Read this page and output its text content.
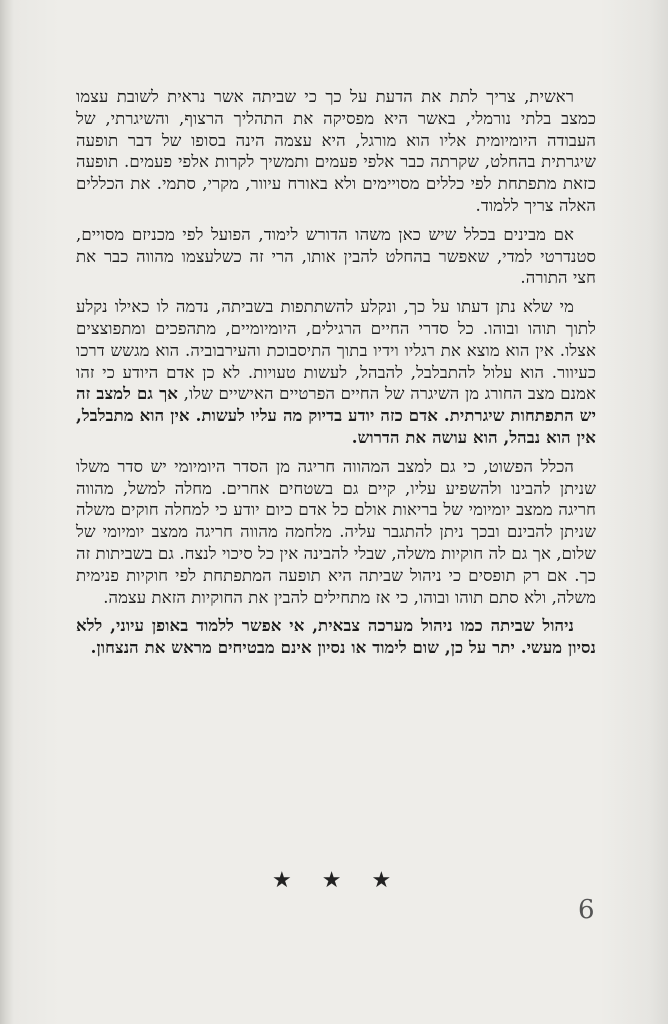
ראשית, צריך לתת את הדעת על כך כי שביתה אשר נראית לשובת עצמו כמצב בלתי נורמלי, באשר היא מפסיקה את התהליך הרצוף, והשיגרתי, של העבודה היומיומית אליו הוא מורגל, היא עצמה הינה בסופו של דבר תופעה שיגרתית בהחלט, שקרתה כבר אלפי פעמים ותמשיך לקרות אלפי פעמים. תופעה כזאת מתפתחת לפי כללים מסויימים ולא באורח עיוור, מקרי, סתמי. את הכללים האלה צריך ללמוד.

אם מבינים בכלל שיש כאן משהו הדורש לימוד, הפועל לפי מכניזם מסויים, סטנדרטי למדי, שאפשר בהחלט להבין אותו, הרי זה כשלעצמו מהווה כבר את חצי התורה.

מי שלא נתן דעתו על כך, ונקלע להשתתפות בשביתה, נדמה לו כאילו נקלע לתוך תוהו ובוהו. כל סדרי החיים הרגילים, היומיומיים, מתהפכים ומתפוצצים אצלו. אין הוא מוצא את רגליו וידיו בתוך התיסבוכת והעירבוביה. הוא מגשש דרכו כעיוור. הוא עלול להתבלבל, להבהל, לעשות טעויות. לא כן אדם היודע כי זהו אמנם מצב החורג מן השיגרה של החיים הפרטיים האישיים שלו, אך גם למצב זה יש התפתחות שיגרתית. אדם כזה יודע בדיוק מה עליו לעשות. אין הוא מתבלבל, אין הוא נבהל, הוא עושה את הדרוש.

הכלל הפשוט, כי גם למצב המהווה חריגה מן הסדר היומיומי יש סדר משלו שניתן להבינו ולהשפיע עליו, קיים גם בשטחים אחרים. מחלה למשל, מהווה חריגה ממצב יומיומי של בריאות אולם כל אדם כיום יודע כי למחלה חוקים משלה שניתן להבינם ובכך ניתן להתגבר עליה. מלחמה מהווה חריגה ממצב יומיומי של שלום, אך גם לה חוקיות משלה, שבלי להבינה אין כל סיכוי לנצח. גם בשביתות זה כך. אם רק תופסים כי ניהול שביתה היא תופעה המתפתחת לפי חוקיות פנימית משלה, ולא סתם תוהו ובוהו, כי אז מתחילים להבין את החוקיות הזאת עצמה.

ניהול שביתה כמו ניהול מערכה צבאית, אי אפשר ללמוד באופן עיוני, ללא נסיון מעשי. יתר על כן, שום לימוד או נסיון אינם מבטיחים מראש את הנצחון.

★ ★ ★
6
